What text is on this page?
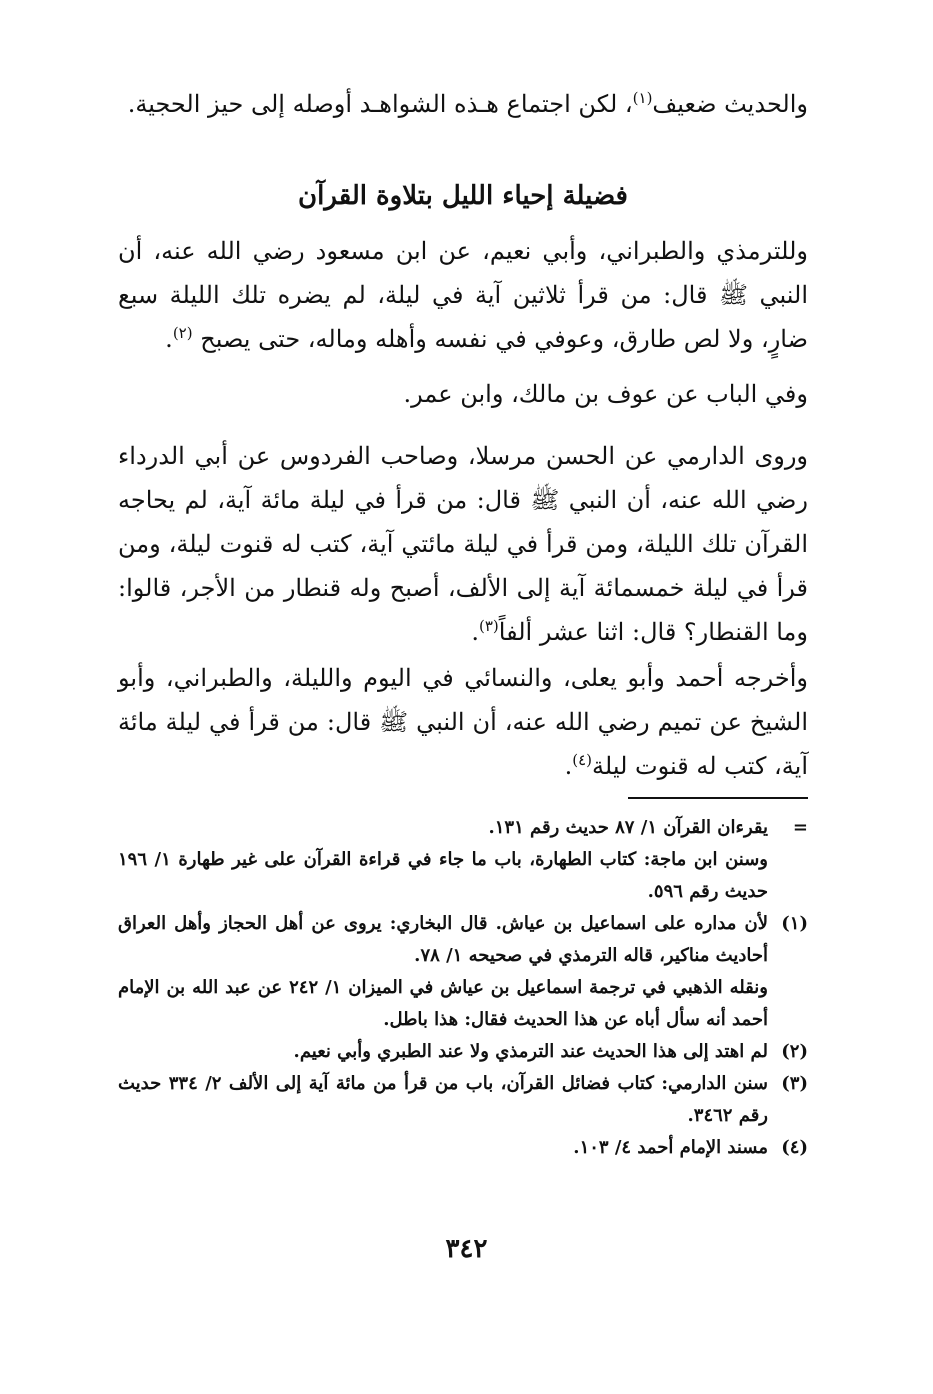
والحديث ضعيف$^{(١)}$، لكن اجتماع هـذه الشواهـد أوصله إلى حيز الحجية.
فضيلة إحياء الليل بتلاوة القرآن
وللترمذي والطبراني، وأبي نعيم، عن ابن مسعود رضي الله عنه، أن النبي ﷺ قال: من قرأ ثلاثين آية في ليلة، لم يضره تلك الليلة سبع ضارٍ، ولا لص طارق، وعوفي في نفسه وأهله وماله، حتى يصبح $^{(٢)}$.
وفي الباب عن عوف بن مالك، وابن عمر.
وروى الدارمي عن الحسن مرسلا، وصاحب الفردوس عن أبي الدرداء رضي الله عنه، أن النبي ﷺ قال: من قرأ في ليلة مائة آية، لم يحاجه القرآن تلك الليلة، ومن قرأ في ليلة مائتي آية، كتب له قنوت ليلة، ومن قرأ في ليلة خمسمائة آية إلى الألف، أصبح وله قنطار من الأجر، قالوا: وما القنطار؟ قال: اثنا عشر ألفاً$^{(٣)}$.
وأخرجه أحمد وأبو يعلى، والنسائي في اليوم والليلة، والطبراني، وأبو الشيخ عن تميم رضي الله عنه، أن النبي ﷺ قال: من قرأ في ليلة مائة آية، كتب له قنوت ليلة$^{(٤)}$.
=
يقرءان القرآن ١/ ٨٧ حديث رقم ١٣١.
وسنن ابن ماجة: كتاب الطهارة، باب ما جاء في قراءة القرآن على غير طهارة ١/ ١٩٦ حديث رقم ٥٩٦.
(١)
لأن مداره على اسماعيل بن عياش. قال البخاري: يروى عن أهل الحجاز وأهل العراق أحاديث مناكير، قاله الترمذي في صحيحه ١/ ٧٨.
ونقله الذهبي في ترجمة اسماعيل بن عياش في الميزان ١/ ٢٤٢ عن عبد الله بن الإمام أحمد أنه سأل أباه عن هذا الحديث فقال: هذا باطل.
(٢)
لم اهتد إلى هذا الحديث عند الترمذي ولا عند الطبري وأبي نعيم.
(٣)
سنن الدارمي: كتاب فضائل القرآن، باب من قرأ من مائة آية إلى الألف ٢/ ٣٣٤ حديث رقم ٣٤٦٢.
(٤)
مسند الإمام أحمد ٤/ ١٠٣.
٣٤٢
